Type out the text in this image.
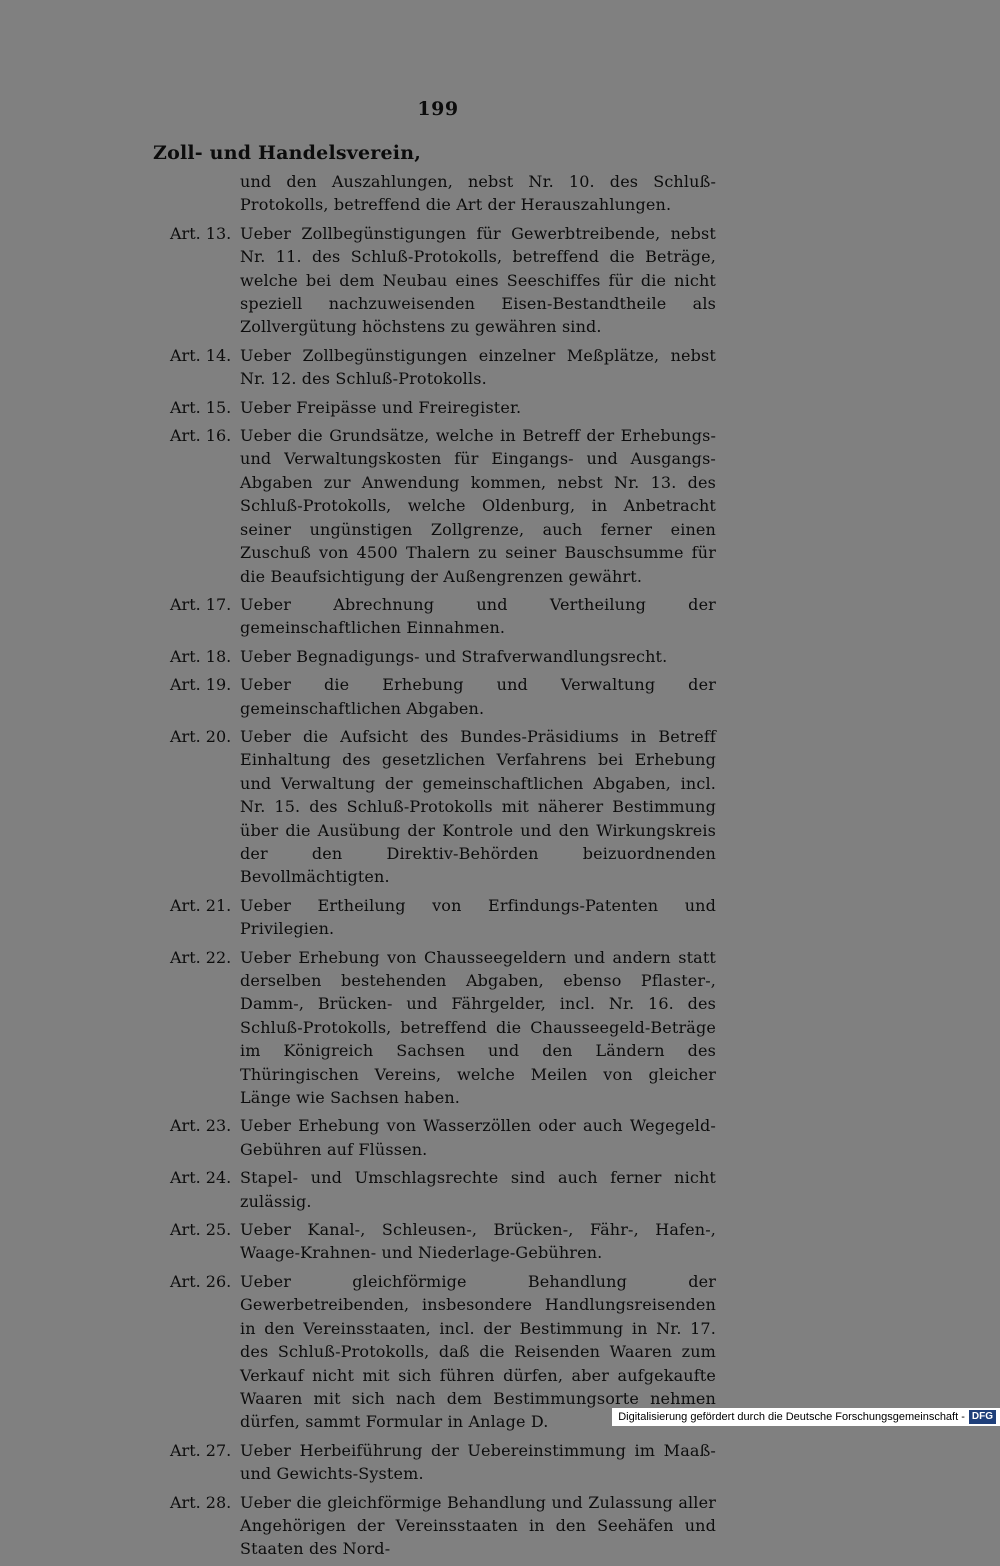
199
Zoll- und Handelsverein,
und den Auszahlungen, nebst Nr. 10. des Schluß-Protokolls, betreffend die Art der Herauszahlungen.
Art. 13. Ueber Zollbegünstigungen für Gewerbtreibende, nebst Nr. 11. des Schluß-Protokolls, betreffend die Beträge, welche bei dem Neubau eines Seeschiffes für die nicht speziell nachzuweisenden Eisen-Bestandtheile als Zollvergütung höchstens zu gewähren sind.
Art. 14. Ueber Zollbegünstigungen einzelner Meßplätze, nebst Nr. 12. des Schluß-Protokolls.
Art. 15. Ueber Freipässe und Freiregister.
Art. 16. Ueber die Grundsätze, welche in Betreff der Erhebungs- und Verwaltungskosten für Eingangs- und Ausgangs-Abgaben zur Anwendung kommen, nebst Nr. 13. des Schluß-Protokolls, welche Oldenburg, in Anbetracht seiner ungünstigen Zollgrenze, auch ferner einen Zuschuß von 4500 Thalern zu seiner Bauschsumme für die Beaufsichtigung der Außengrenzen gewährt.
Art. 17. Ueber Abrechnung und Vertheilung der gemeinschaftlichen Einnahmen.
Art. 18. Ueber Begnadigungs- und Strafverwandlungsrecht.
Art. 19. Ueber die Erhebung und Verwaltung der gemeinschaftlichen Abgaben.
Art. 20. Ueber die Aufsicht des Bundes-Präsidiums in Betreff Einhaltung des gesetzlichen Verfahrens bei Erhebung und Verwaltung der gemeinschaftlichen Abgaben, incl. Nr. 15. des Schluß-Protokolls mit näherer Bestimmung über die Ausübung der Kontrole und den Wirkungskreis der den Direktiv-Behörden beizuordnenden Bevollmächtigten.
Art. 21. Ueber Ertheilung von Erfindungs-Patenten und Privilegien.
Art. 22. Ueber Erhebung von Chausseegeldern und andern statt derselben bestehenden Abgaben, ebenso Pflaster-, Damm-, Brücken- und Fährgelder, incl. Nr. 16. des Schluß-Protokolls, betreffend die Chausseegeld-Beträge im Königreich Sachsen und den Ländern des Thüringischen Vereins, welche Meilen von gleicher Länge wie Sachsen haben.
Art. 23. Ueber Erhebung von Wasserzöllen oder auch Wegegeld-Gebühren auf Flüssen.
Art. 24. Stapel- und Umschlagsrechte sind auch ferner nicht zulässig.
Art. 25. Ueber Kanal-, Schleusen-, Brücken-, Fähr-, Hafen-, Waage-Krahnen- und Niederlage-Gebühren.
Art. 26. Ueber gleichförmige Behandlung der Gewerbetreibenden, insbesondere Handlungsreisenden in den Vereinsstaaten, incl. der Bestimmung in Nr. 17. des Schluß-Protokolls, daß die Reisenden Waaren zum Verkauf nicht mit sich führen dürfen, aber aufgekaufte Waaren mit sich nach dem Bestimmungsorte nehmen dürfen, sammt Formular in Anlage D.
Art. 27. Ueber Herbeiführung der Uebereinstimmung im Maaß- und Gewichts-System.
Art. 28. Ueber die gleichförmige Behandlung und Zulassung aller Angehörigen der Vereinsstaaten in den Seehäfen und Staaten des Nord-
Digitalisierung gefördert durch die Deutsche Forschungsgemeinschaft - DFG
